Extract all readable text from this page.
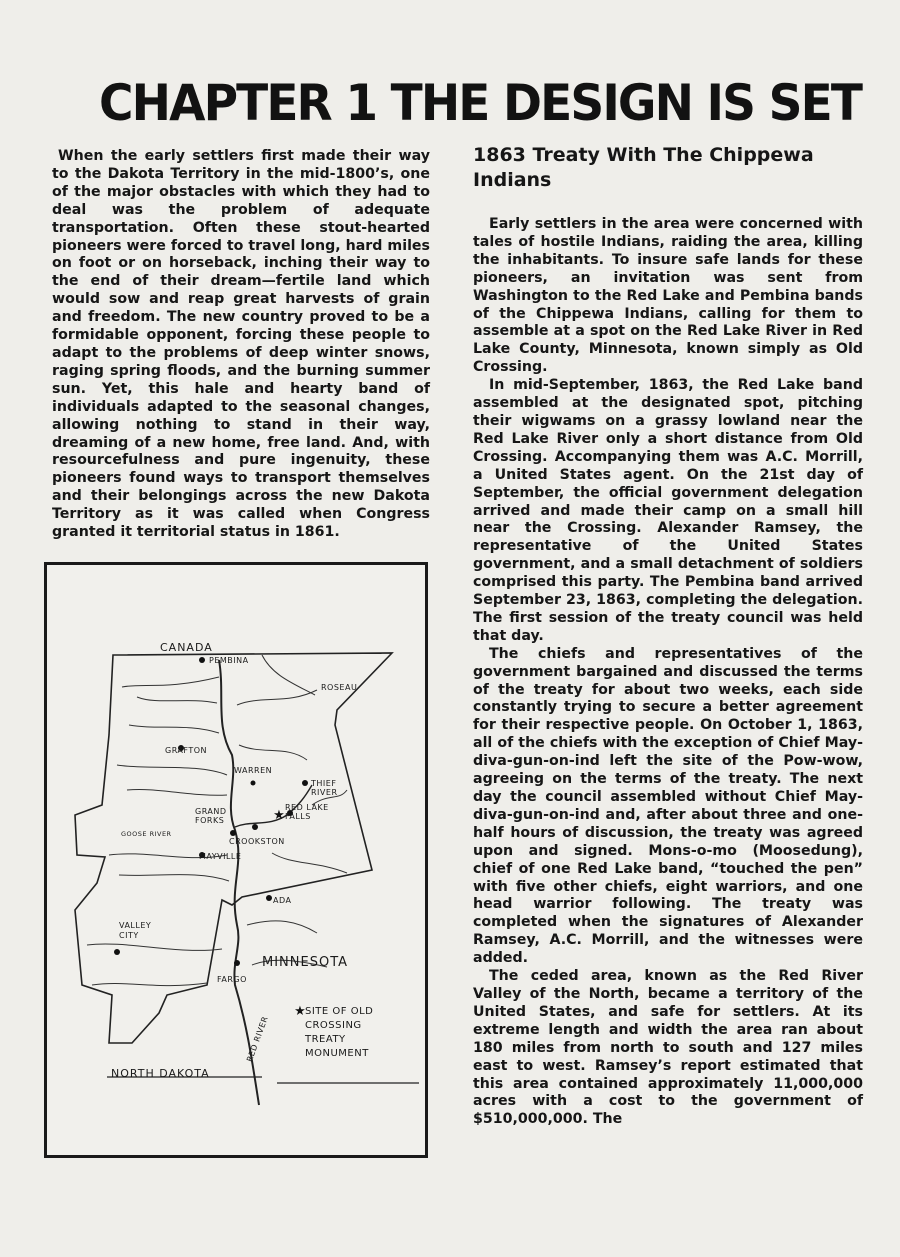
CHAPTER 1 THE DESIGN IS SET

When the early settlers first made their way to the Dakota Territory in the mid-1800’s, one of the major obstacles with which they had to deal was the problem of adequate transportation. Often these stout-hearted pioneers were forced to travel long, hard miles on foot or on horseback, inching their way to the end of their dream—fertile land which would sow and reap great harvests of grain and freedom. The new country proved to be a formidable opponent, forcing these people to adapt to the problems of deep winter snows, raging spring floods, and the burning summer sun. Yet, this hale and hearty band of individuals adapted to the seasonal changes, allowing nothing to stand in their way, dreaming of a new home, free land. And, with resourcefulness and pure ingenuity, these pioneers found ways to transport themselves and their belongings across the new Dakota Territory as it was called when Congress granted it territorial status in 1861.

1863 Treaty With The Chippewa Indians

Early settlers in the area were concerned with tales of hostile Indians, raiding the area, killing the inhabitants. To insure safe lands for these pioneers, an invitation was sent from Washington to the Red Lake and Pembina bands of the Chippewa Indians, calling for them to assemble at a spot on the Red Lake River in Red Lake County, Minnesota, known simply as Old Crossing.

In mid-September, 1863, the Red Lake band assembled at the designated spot, pitching their wigwams on a grassy lowland near the Red Lake River only a short distance from Old Crossing. Accompanying them was A.C. Morrill, a United States agent. On the 21st day of September, the official government delegation arrived and made their camp on a small hill near the Crossing. Alexander Ramsey, the representative of the United States government, and a small detachment of soldiers comprised this party. The Pembina band arrived September 23, 1863, completing the delegation. The first session of the treaty council was held that day.

The chiefs and representatives of the government bargained and discussed the terms of the treaty for about two weeks, each side constantly trying to secure a better agreement for their respective people. On October 1, 1863, all of the chiefs with the exception of Chief May-diva-gun-on-ind left the site of the Pow-wow, agreeing on the terms of the treaty. The next day the council assembled without Chief May-diva-gun-on-ind and, after about three and one-half hours of discussion, the treaty was agreed upon and signed. Mons-o-mo (Moosedung), chief of one Red Lake band, “touched the pen” with five other chiefs, eight warriors, and one head warrior following. The treaty was completed when the signatures of Alexander Ramsey, A.C. Morrill, and the witnesses were added.

The ceded area, known as the Red River Valley of the North, became a territory of the United States, and safe for settlers. At its extreme length and width the area ran about 180 miles from north to south and 127 miles east to west. Ramsey’s report estimated that this area contained approximately 11,000,000 acres with a cost to the government of $510,000,000. The

★
★
CANADA
PEMBINA
ROSEAU
GRAFTON
WARREN
THIEF RIVER
RED LAKE FALLS
GRAND FORKS
GOOSE RIVER
CROOKSTON
MAYVILLE
ADA
VALLEY CITY
FARGO
MINNESOTA
SITE OF OLD CROSSING TREATY MONUMENT
RED RIVER
NORTH DAKOTA
